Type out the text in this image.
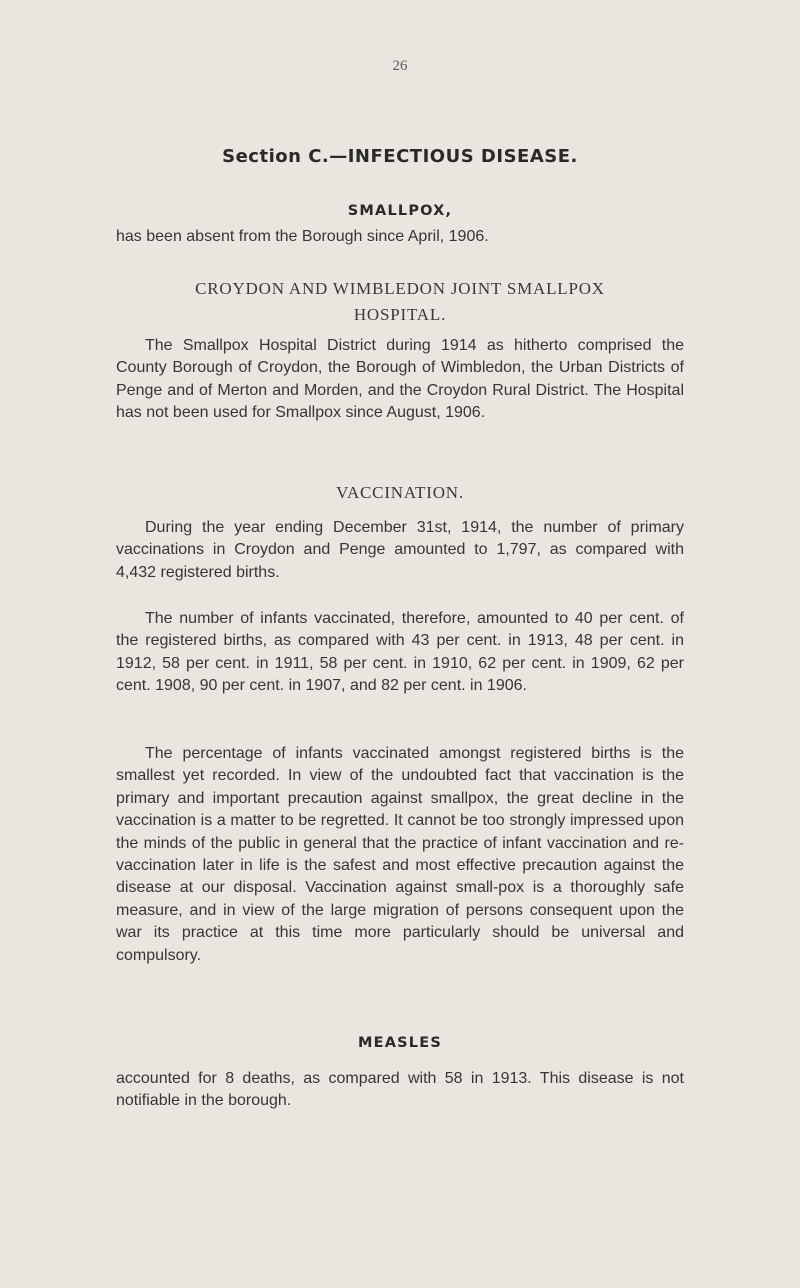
26
Section C.—INFECTIOUS DISEASE.
SMALLPOX,

has been absent from the Borough since April, 1906.

CROYDON AND WIMBLEDON JOINT SMALLPOX
HOSPITAL.

The Smallpox Hospital District during 1914 as hitherto comprised the County Borough of Croydon, the Borough of Wimbledon, the Urban Districts of Penge and of Merton and Morden, and the Croydon Rural District. The Hospital has not been used for Smallpox since August, 1906.

VACCINATION.

During the year ending December 31st, 1914, the number of primary vaccinations in Croydon and Penge amounted to 1,797, as compared with 4,432 registered births.

The number of infants vaccinated, therefore, amounted to 40 per cent. of the registered births, as compared with 43 per cent. in 1913, 48 per cent. in 1912, 58 per cent. in 1911, 58 per cent. in 1910, 62 per cent. in 1909, 62 per cent. 1908, 90 per cent. in 1907, and 82 per cent. in 1906.

The percentage of infants vaccinated amongst registered births is the smallest yet recorded. In view of the undoubted fact that vaccination is the primary and important precaution against smallpox, the great decline in the vaccination is a matter to be regretted. It cannot be too strongly impressed upon the minds of the public in general that the practice of infant vaccination and re-vaccination later in life is the safest and most effective precaution against the disease at our disposal. Vaccination against small-pox is a thoroughly safe measure, and in view of the large migration of persons consequent upon the war its practice at this time more particularly should be universal and compulsory.

MEASLES

accounted for 8 deaths, as compared with 58 in 1913. This disease is not notifiable in the borough.
